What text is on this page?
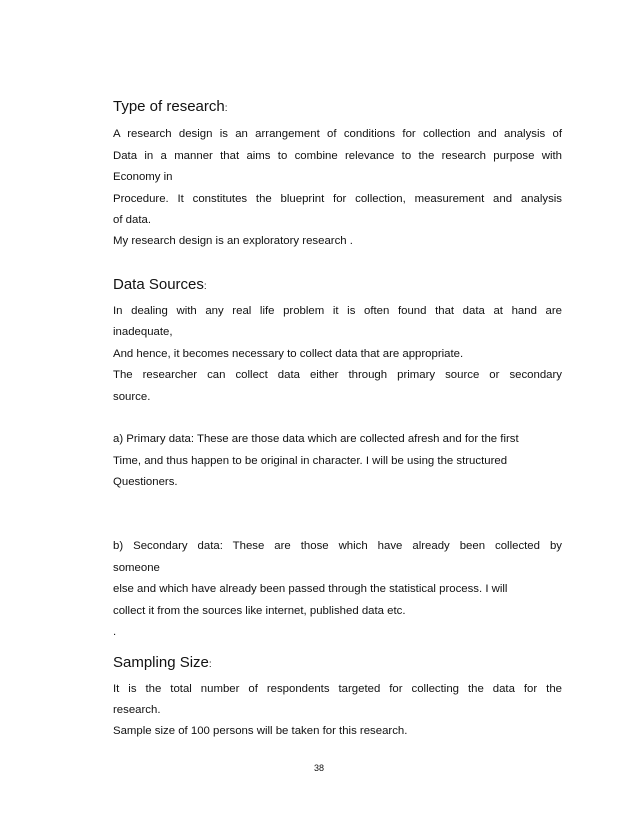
Type of research:
A research design is an arrangement of conditions for collection and analysis of
Data in a manner that aims to combine relevance to the research purpose with
Economy in
Procedure. It constitutes the blueprint for collection, measurement and analysis
of data.
My research design is an exploratory research .
Data Sources:
In dealing with any real life problem it is often found that data at hand are
inadequate,
And hence, it becomes necessary to collect data that are appropriate.
The researcher can collect data either through primary source or secondary
source.
a) Primary data: These are those data which are collected afresh and for the first
Time, and thus happen to be original in character. I will be using the structured
Questioners.
b) Secondary data: These are those which have already been collected by
someone
else and which have already been passed through the statistical process. I will
collect it from the sources like internet, published data etc.
.
Sampling Size:
It is the total number of respondents targeted for collecting the data for the
research.
Sample size of 100 persons will be taken for this research.
38
